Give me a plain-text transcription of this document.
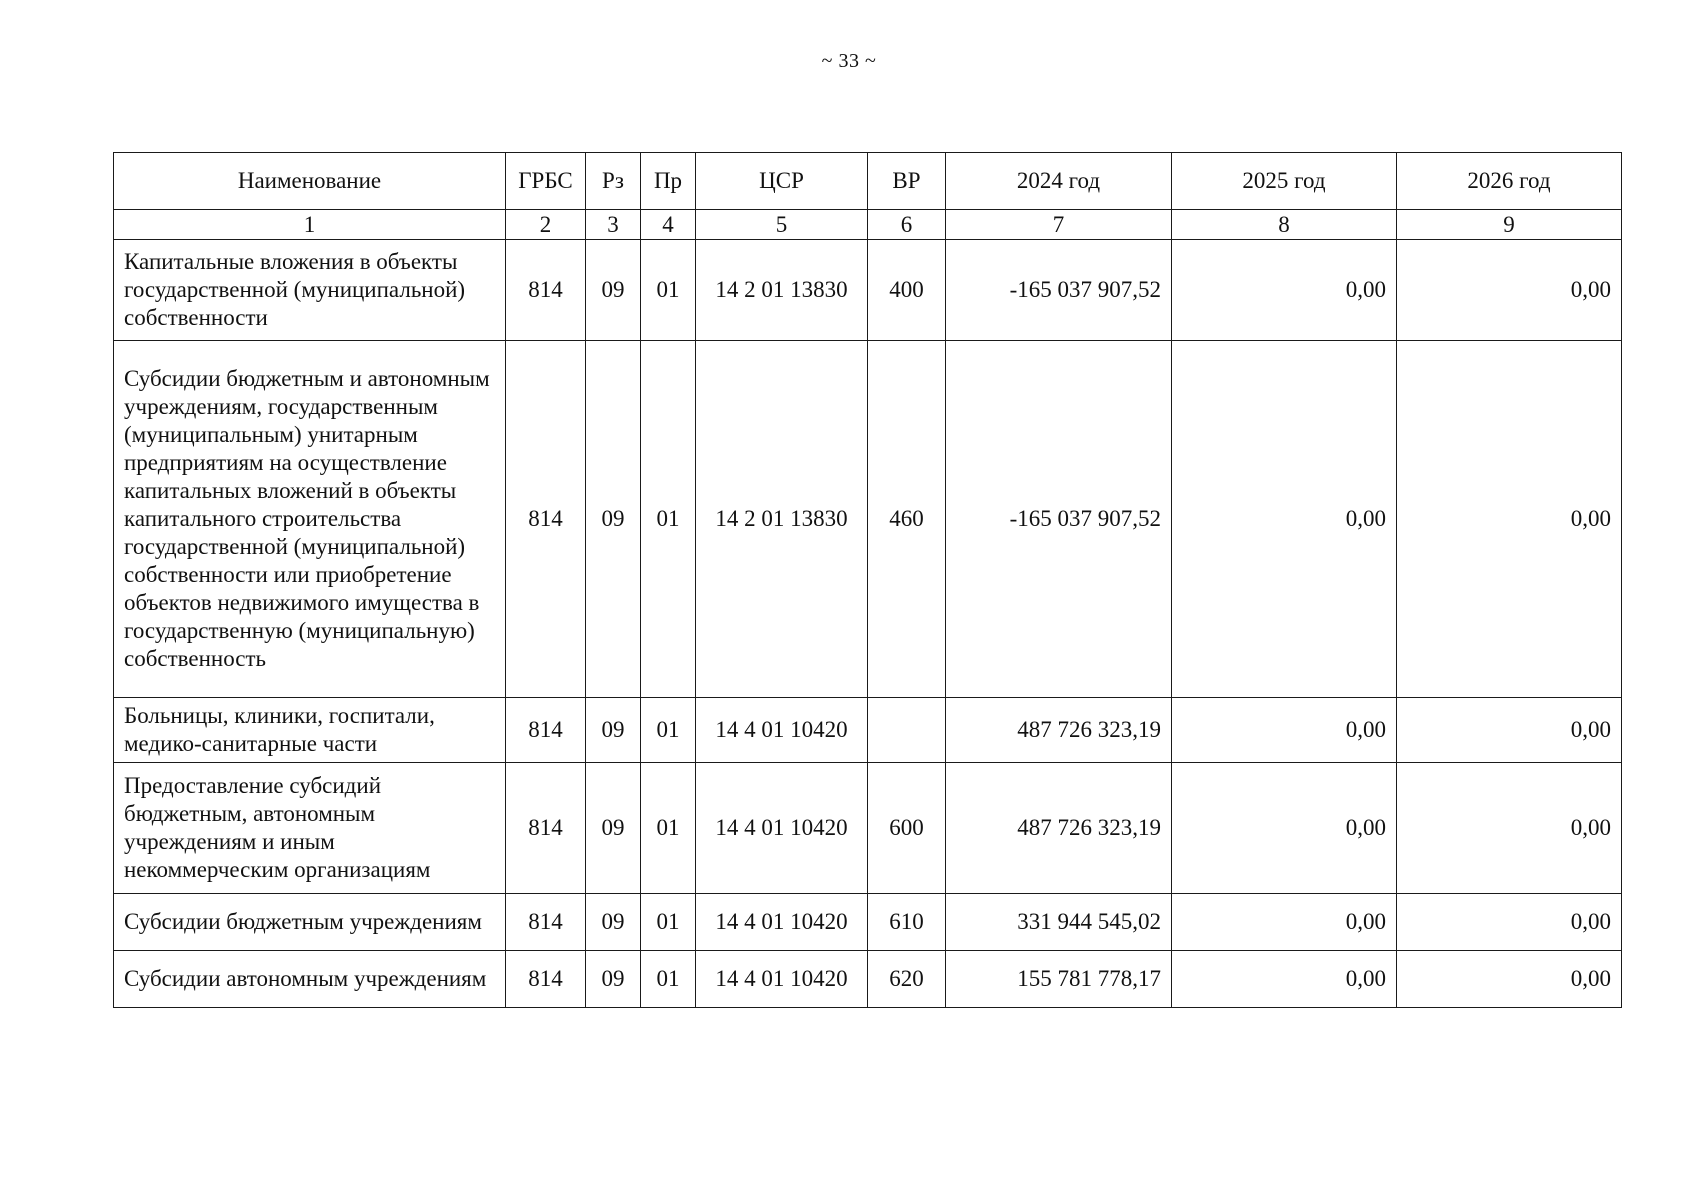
~ 33 ~
Наименование	ГРБС	Рз	Пр	ЦСР	ВР	2024 год	2025 год	2026 год
1	2	3	4	5	6	7	8	9
Капитальные вложения в объекты государственной (муниципальной) собственности	814	09	01	14 2 01 13830	400	-165 037 907,52	0,00	0,00
Субсидии бюджетным и автономным учреждениям, государственным (муниципальным) унитарным предприятиям на осуществление капитальных вложений в объекты капитального строительства государственной (муниципальной) собственности или приобретение объектов недвижимого имущества в государственную (муниципальную) собственность	814	09	01	14 2 01 13830	460	-165 037 907,52	0,00	0,00
Больницы, клиники, госпитали, медико-санитарные части	814	09	01	14 4 01 10420		487 726 323,19	0,00	0,00
Предоставление субсидий бюджетным, автономным учреждениям и иным некоммерческим организациям	814	09	01	14 4 01 10420	600	487 726 323,19	0,00	0,00
Субсидии бюджетным учреждениям	814	09	01	14 4 01 10420	610	331 944 545,02	0,00	0,00
Субсидии автономным учреждениям	814	09	01	14 4 01 10420	620	155 781 778,17	0,00	0,00
